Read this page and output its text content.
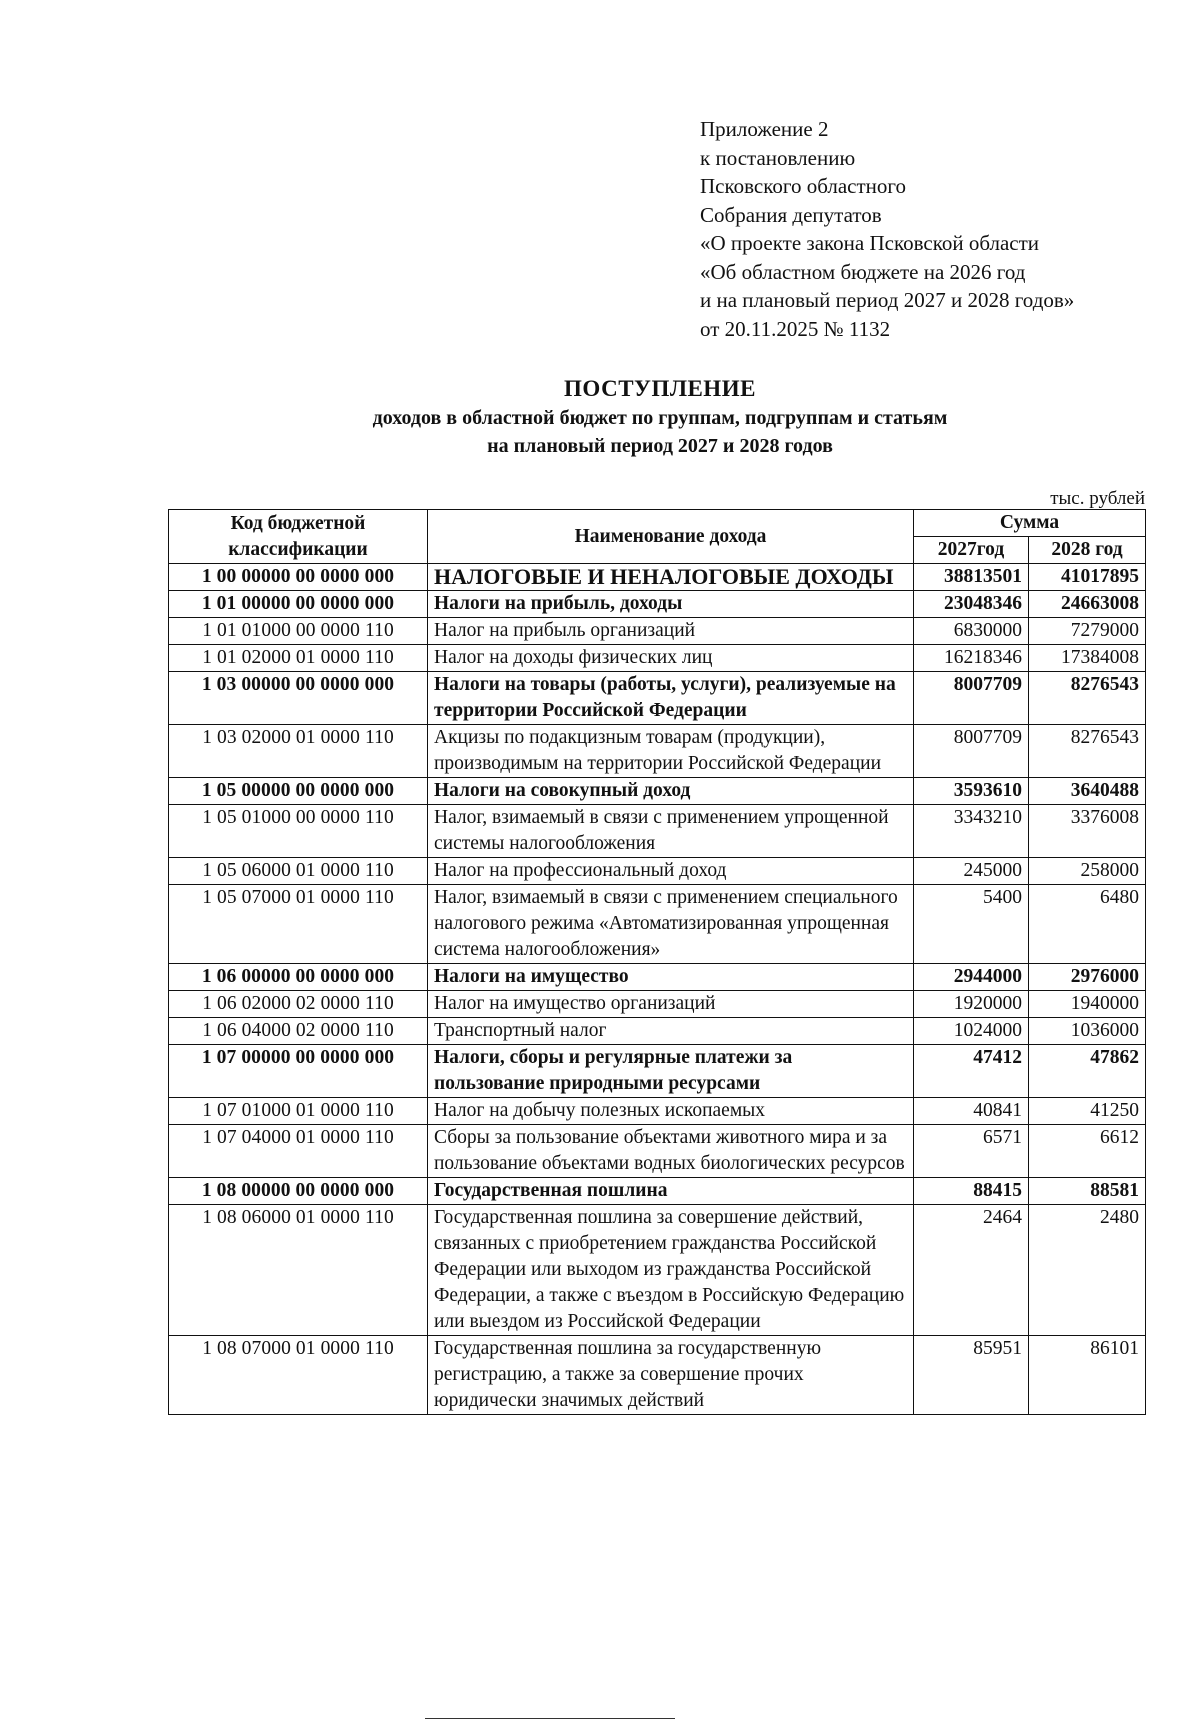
Приложение 2
к постановлению
Псковского областного
Собрания депутатов
«О проекте закона Псковской области
«Об областном бюджете на 2026 год
и на плановый период 2027 и 2028 годов»
от 20.11.2025 № 1132
ПОСТУПЛЕНИЕ
доходов в областной бюджет по группам, подгруппам и статьям
на плановый период 2027 и 2028 годов
тыс. рублей
Код бюджетной классификации	Наименование дохода	Сумма	
		2027год	2028 год
1 00 00000 00 0000 000	НАЛОГОВЫЕ И НЕНАЛОГОВЫЕ ДОХОДЫ	38813501	41017895
1 01 00000 00 0000 000	Налоги на прибыль, доходы	23048346	24663008
1 01 01000 00 0000 110	Налог на прибыль организаций	6830000	7279000
1 01 02000 01 0000 110	Налог на доходы физических лиц	16218346	17384008
1 03 00000 00 0000 000	Налоги на товары (работы, услуги), реализуемые на территории Российской Федерации	8007709	8276543
1 03 02000 01 0000 110	Акцизы по подакцизным товарам (продукции), производимым на территории Российской Федерации	8007709	8276543
1 05 00000 00 0000 000	Налоги на совокупный доход	3593610	3640488
1 05 01000 00 0000 110	Налог, взимаемый в связи с применением упрощенной системы налогообложения	3343210	3376008
1 05 06000 01 0000 110	Налог на профессиональный доход	245000	258000
1 05 07000 01 0000 110	Налог, взимаемый в связи с применением специального налогового режима «Автоматизированная упрощенная система налогообложения»	5400	6480
1 06 00000 00 0000 000	Налоги на имущество	2944000	2976000
1 06 02000 02 0000 110	Налог на имущество организаций	1920000	1940000
1 06 04000 02 0000 110	Транспортный налог	1024000	1036000
1 07 00000 00 0000 000	Налоги, сборы и регулярные платежи за пользование природными ресурсами	47412	47862
1 07 01000 01 0000 110	Налог на добычу полезных ископаемых	40841	41250
1 07 04000 01 0000 110	Сборы за пользование объектами животного мира и за пользование объектами водных биологических ресурсов	6571	6612
1 08 00000 00 0000 000	Государственная пошлина	88415	88581
1 08 06000 01 0000 110	Государственная пошлина за совершение действий, связанных с приобретением гражданства Российской Федерации или выходом из гражданства Российской Федерации, а также с въездом в Российскую Федерацию или выездом из Российской Федерации	2464	2480
1 08 07000 01 0000 110	Государственная пошлина за государственную регистрацию, а также за совершение прочих юридически значимых действий	85951	86101
